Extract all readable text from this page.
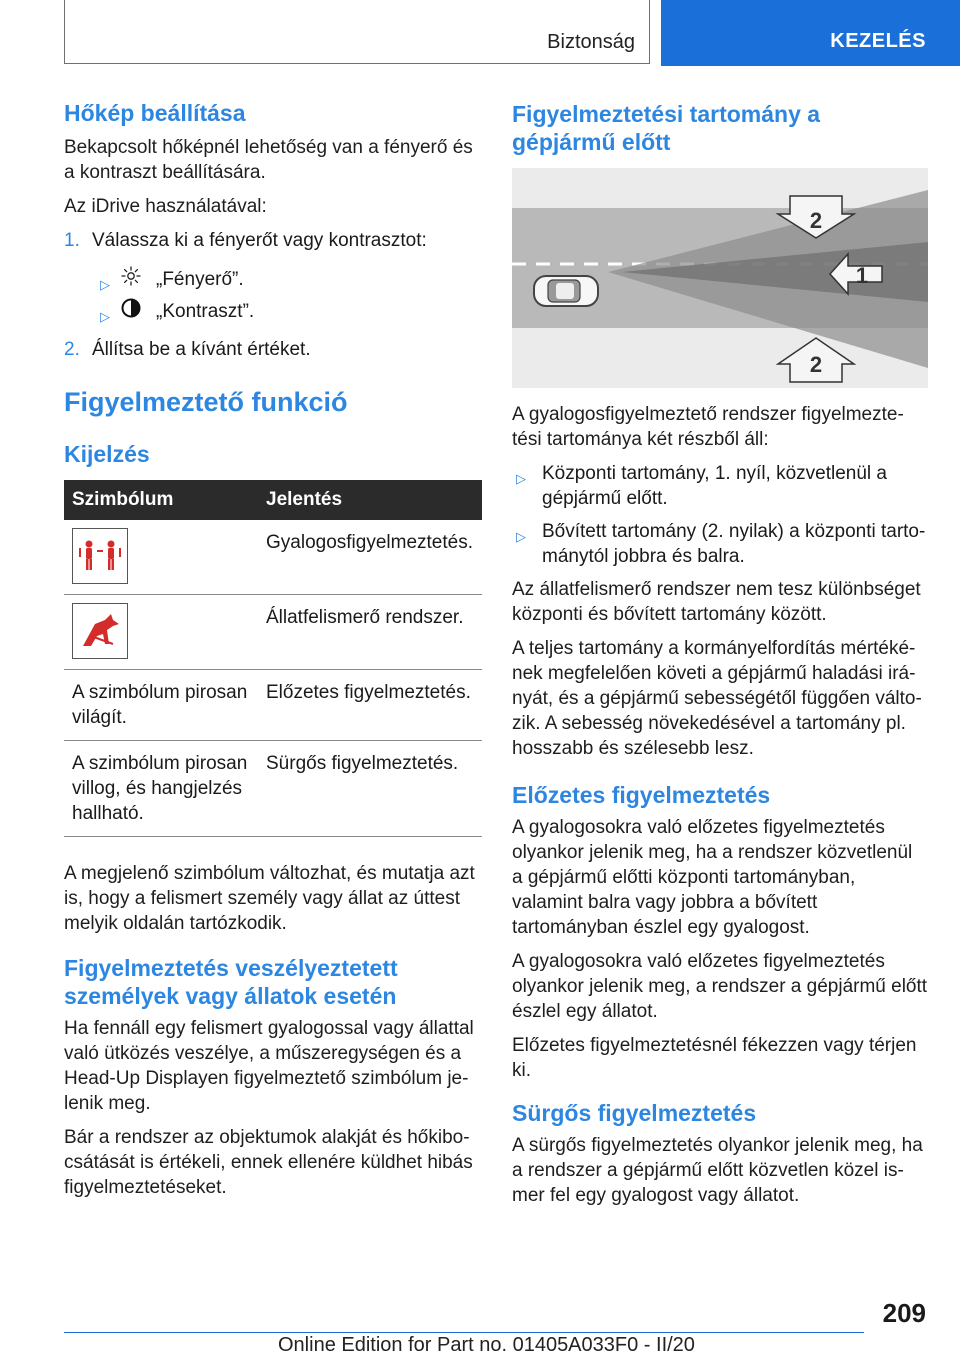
Biztonság	KEZELÉS
Hőkép beállítása

Bekapcsolt hőképnél lehetőség van a fényerő és a kontraszt beállítására.

Az iDrive használatával:

1. Válassza ki a fényerőt vagy kontrasztot:
▷ „Fényerő”.
▷ „Kontraszt”.
2. Állítsa be a kívánt értéket.
Figyelmeztető funkció
Kijelzés
Szimbólum	Jelentés

	Gyalogosfigyelmeztetés.

	Állatfelismerő rendszer.
A szimbólum pirosan világít.	Előzetes figyelmeztetés.
A szimbólum pirosan villog, és hangjelzés hallható.	Sürgős figyelmeztetés.

A megjelenő szimbólum változhat, és mutatja azt is, hogy a felismert személy vagy állat az úttest melyik oldalán tartózkodik.

Figyelmeztetés veszélyeztetett személyek vagy állatok esetén

Ha fennáll egy felismert gyalogossal vagy állattal való ütközés veszélye, a műszeregységen és a Head-Up Displayen figyelmeztető szimbólum je-lenik meg.

Bár a rendszer az objektumok alakját és hőkibo-csátását is értékeli, ennek ellenére küldhet hibás figyelmeztetéseket.

Figyelmeztetési tartomány a gépjármű előtt
2
1
2

A gyalogosfigyelmeztető rendszer figyelmezte-tési tartománya két részből áll:

▷ Központi tartomány, 1. nyíl, közvetlenül a gépjármű előtt.
▷ Bővített tartomány (2. nyilak) a központi tarto-mánytól jobbra és balra.

Az állatfelismerő rendszer nem tesz különbséget központi és bővített tartomány között.

A teljes tartomány a kormányelfordítás mértéké-nek megfelelően követi a gépjármű haladási irá-nyát, és a gépjármű sebességétől függően válto-zik. A sebesség növekedésével a tartomány pl. hosszabb és szélesebb lesz.

Előzetes figyelmeztetés

A gyalogosokra való előzetes figyelmeztetés olyankor jelenik meg, ha a rendszer közvetlenül a gépjármű előtti központi tartományban, valamint balra vagy jobbra a bővített tartományban észlel egy gyalogost.

A gyalogosokra való előzetes figyelmeztetés olyankor jelenik meg, a rendszer a gépjármű előtt észlel egy állatot.

Előzetes figyelmeztetésnél fékezzen vagy térjen ki.

Sürgős figyelmeztetés

A sürgős figyelmeztetés olyankor jelenik meg, ha a rendszer a gépjármű előtt közvetlen közel is-mer fel egy gyalogost vagy állatot.

209
Online Edition for Part no. 01405A033F0 - II/20
